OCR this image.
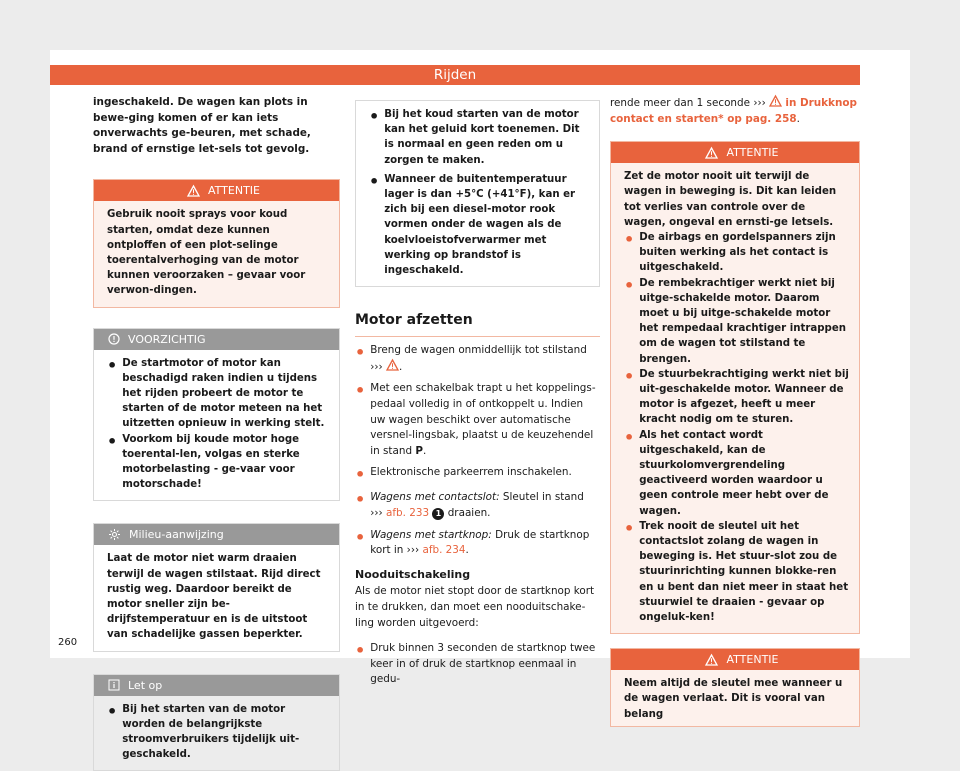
Rijden

ingeschakeld. De wagen kan plots in bewe-ging komen of er kan iets onverwachts ge-beuren, met schade, brand of ernstige let-sels tot gevolg.

ATTENTIE

Gebruik nooit sprays voor koud starten, omdat deze kunnen ontploffen of een plot-selinge toerentalverhoging van de motor kunnen veroorzaken – gevaar voor verwon-dingen.

VOORZICHTIG
• De startmotor of motor kan beschadigd raken indien u tijdens het rijden probeert de motor te starten of de motor meteen na het uitzetten opnieuw in werking stelt.

• Voorkom bij koude motor hoge toerental-len, volgas en sterke motorbelasting - ge-vaar voor motorschade!

Milieu-aanwijzing

Laat de motor niet warm draaien terwijl de wagen stilstaat. Rijd direct rustig weg. Daardoor bereikt de motor sneller zijn be-drijfstemperatuur en is de uitstoot van schadelijke gassen beperkter.

Let op
• Bij het starten van de motor worden de belangrijkste stroomverbruikers tijdelijk uit-geschakeld.

• Bij het koud starten van de motor kan het geluid kort toenemen. Dit is normaal en geen reden om u zorgen te maken.

• Wanneer de buitentemperatuur lager is dan +5°C (+41°F), kan er zich bij een diesel-motor rook vormen onder de wagen als de koelvloeistofverwarmer met werking op brandstof is ingeschakeld.

Motor afzetten
• Breng de wagen onmiddellijk tot stilstand
››› .

• Met een schakelbak trapt u het koppelings-pedaal volledig in of ontkoppelt u. Indien uw wagen beschikt over automatische versnel-lingsbak, plaatst u de keuzehendel in stand P.

• Elektronische parkeerrem inschakelen.

• Wagens met contactslot: Sleutel in stand
››› afb. 233 1 draaien.

• Wagens met startknop: Druk de startknop kort in ››› afb. 234.

Nooduitschakeling

Als de motor niet stopt door de startknop kort in te drukken, dan moet een nooduitschake-ling worden uitgevoerd:

• Druk binnen 3 seconden de startknop twee keer in of druk de startknop eenmaal in gedu-

rende meer dan 1 seconde ››› in Drukknop contact en starten* op pag. 258.

ATTENTIE

Zet de motor nooit uit terwijl de wagen in beweging is. Dit kan leiden tot verlies van controle over de wagen, ongeval en ernsti-ge letsels.

• De airbags en gordelspanners zijn buiten werking als het contact is uitgeschakeld.

• De rembekrachtiger werkt niet bij uitge-schakelde motor. Daarom moet u bij uitge-schakelde motor het rempedaal krachtiger intrappen om de wagen tot stilstand te brengen.

• De stuurbekrachtiging werkt niet bij uit-geschakelde motor. Wanneer de motor is afgezet, heeft u meer kracht nodig om te sturen.

• Als het contact wordt uitgeschakeld, kan de stuurkolomvergrendeling geactiveerd worden waardoor u geen controle meer hebt over de wagen.

• Trek nooit de sleutel uit het contactslot zolang de wagen in beweging is. Het stuur-slot zou de stuurinrichting kunnen blokke-ren en u bent dan niet meer in staat het stuurwiel te draaien - gevaar op ongeluk-ken!

ATTENTIE

Neem altijd de sleutel mee wanneer u de wagen verlaat. Dit is vooral van belang

260
